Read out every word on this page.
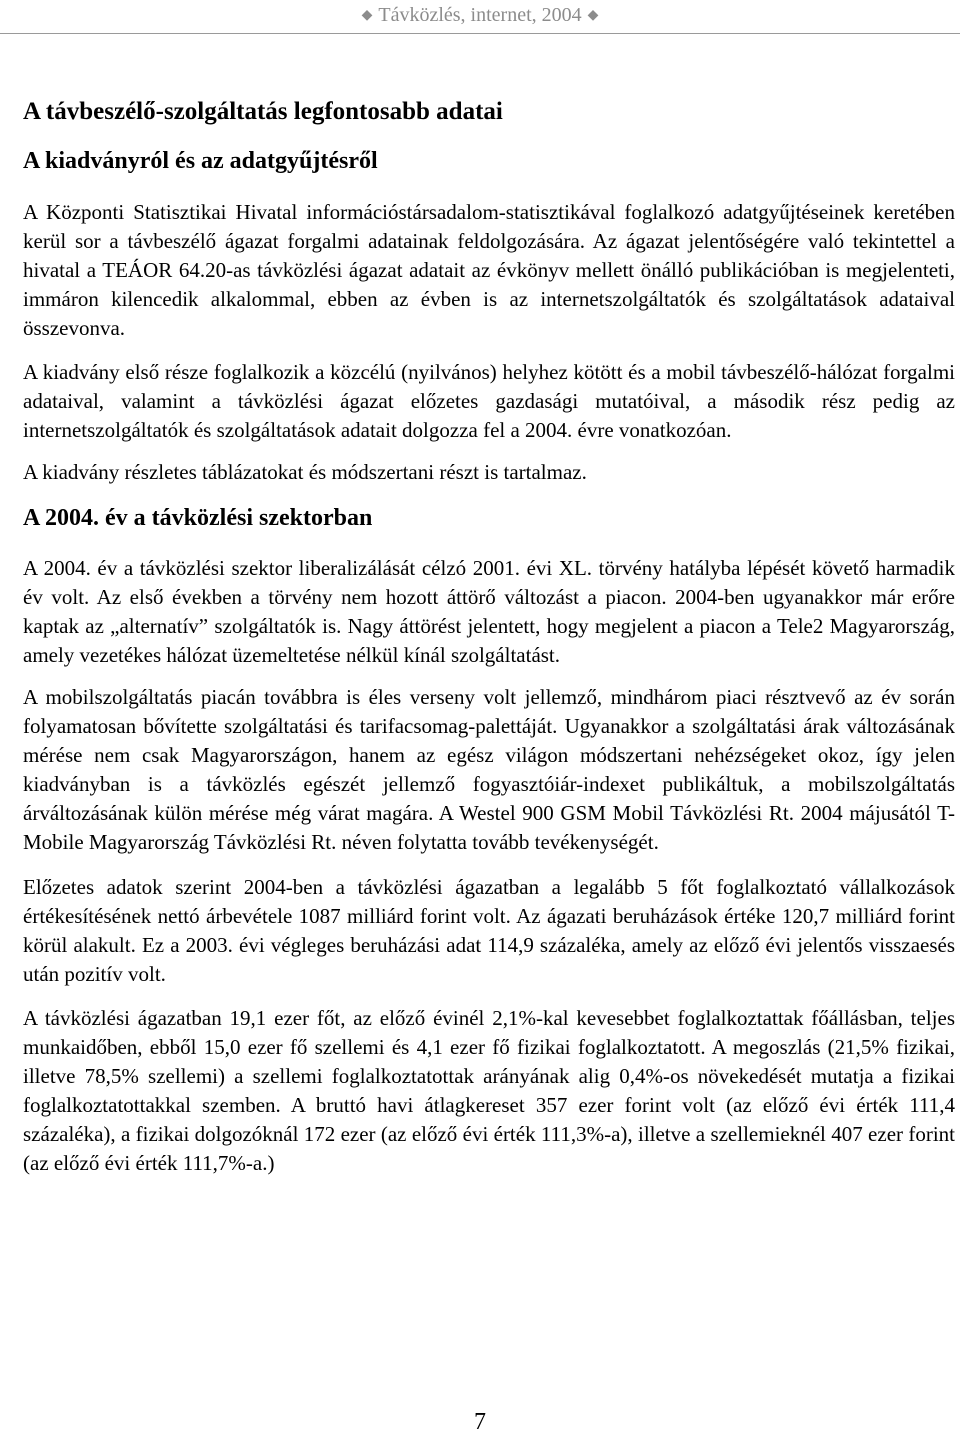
◆ Távközlés, internet, 2004 ◆
A távbeszélő-szolgáltatás legfontosabb adatai
A kiadványról és az adatgyűjtésről

A Központi Statisztikai Hivatal információstársadalom-statisztikával foglalkozó adatgyűjtéseinek keretében kerül sor a távbeszélő ágazat forgalmi adatainak feldolgozására. Az ágazat jelentőségére való tekintettel a hivatal a TEÁOR 64.20-as távközlési ágazat adatait az évkönyv mellett önálló publikációban is megjelenteti, immáron kilencedik alkalommal, ebben az évben is az internetszolgáltatók és szolgáltatások adataival összevonva.

A kiadvány első része foglalkozik a közcélú (nyilvános) helyhez kötött és a mobil távbeszélő-hálózat forgalmi adataival, valamint a távközlési ágazat előzetes gazdasági mutatóival, a második rész pedig az internetszolgáltatók és szolgáltatások adatait dolgozza fel a 2004. évre vonatkozóan.

A kiadvány részletes táblázatokat és módszertani részt is tartalmaz.

A 2004. év a távközlési szektorban

A 2004. év a távközlési szektor liberalizálását célzó 2001. évi XL. törvény hatályba lépését követő harmadik év volt. Az első években a törvény nem hozott áttörő változást a piacon. 2004-ben ugyanakkor már erőre kaptak az „alternatív” szolgáltatók is. Nagy áttörést jelentett, hogy megjelent a piacon a Tele2 Magyarország, amely vezetékes hálózat üzemeltetése nélkül kínál szolgáltatást.

A mobilszolgáltatás piacán továbbra is éles verseny volt jellemző, mindhárom piaci résztvevő az év során folyamatosan bővítette szolgáltatási és tarifacsomag-palettáját. Ugyanakkor a szolgáltatási árak változásának mérése nem csak Magyarországon, hanem az egész világon módszertani nehézségeket okoz, így jelen kiadványban is a távközlés egészét jellemző fogyasztóiár-indexet publikáltuk, a mobilszolgáltatás árváltozásának külön mérése még várat magára. A Westel 900 GSM Mobil Távközlési Rt. 2004 májusától T-Mobile Magyarország Távközlési Rt. néven folytatta tovább tevékenységét.

Előzetes adatok szerint 2004-ben a távközlési ágazatban a legalább 5 főt foglalkoztató vállalkozások értékesítésének nettó árbevétele 1087 milliárd forint volt. Az ágazati beruházások értéke 120,7 milliárd forint körül alakult. Ez a 2003. évi végleges beruházási adat 114,9 százaléka, amely az előző évi jelentős visszaesés után pozitív volt.

A távközlési ágazatban 19,1 ezer főt, az előző évinél 2,1%-kal kevesebbet foglalkoztattak főállásban, teljes munkaidőben, ebből 15,0 ezer fő szellemi és 4,1 ezer fő fizikai foglalkoztatott. A megoszlás (21,5% fizikai, illetve 78,5% szellemi) a szellemi foglalkoztatottak arányának alig 0,4%-os növekedését mutatja a fizikai foglalkoztatottakkal szemben. A bruttó havi átlagkereset 357 ezer forint volt (az előző évi érték 111,4 százaléka), a fizikai dolgozóknál 172 ezer (az előző évi érték 111,3%-a), illetve a szellemieknél 407 ezer forint (az előző évi érték 111,7%-a.)

7
